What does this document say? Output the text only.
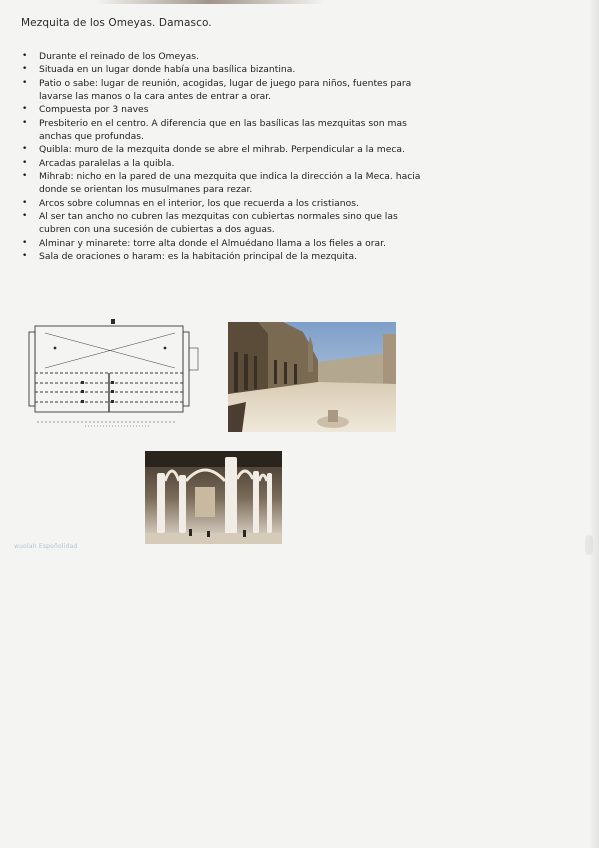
Mezquita de los Omeyas. Damasco.
• Durante el reinado de los Omeyas.
• Situada en un lugar donde había una basílica bizantina.
• Patio o sabe: lugar de reunión, acogidas, lugar de juego para niños, fuentes para lavarse las manos o la cara antes de entrar a orar.
• Compuesta por 3 naves
• Presbiterio en el centro. A diferencia que en las basílicas las mezquitas son mas anchas que profundas.
• Quibla: muro de la mezquita donde se abre el mihrab. Perpendicular a la meca.
• Arcadas paralelas a la quibla.
• Mihrab: nicho en la pared de una mezquita que indica la dirección a la Meca. hacia donde se orientan los musulmanes para rezar.
• Arcos sobre columnas en el interior, los que recuerda a los cristianos.
• Al ser tan ancho no cubren las mezquitas con cubiertas normales sino que las cubren con una sucesión de cubiertas a dos aguas.
• Alminar y minarete: torre alta donde el Almuédano llama a los fieles a orar.
• Sala de oraciones o haram: es la habitación principal de la mezquita.
wuolah Espoñolidad
